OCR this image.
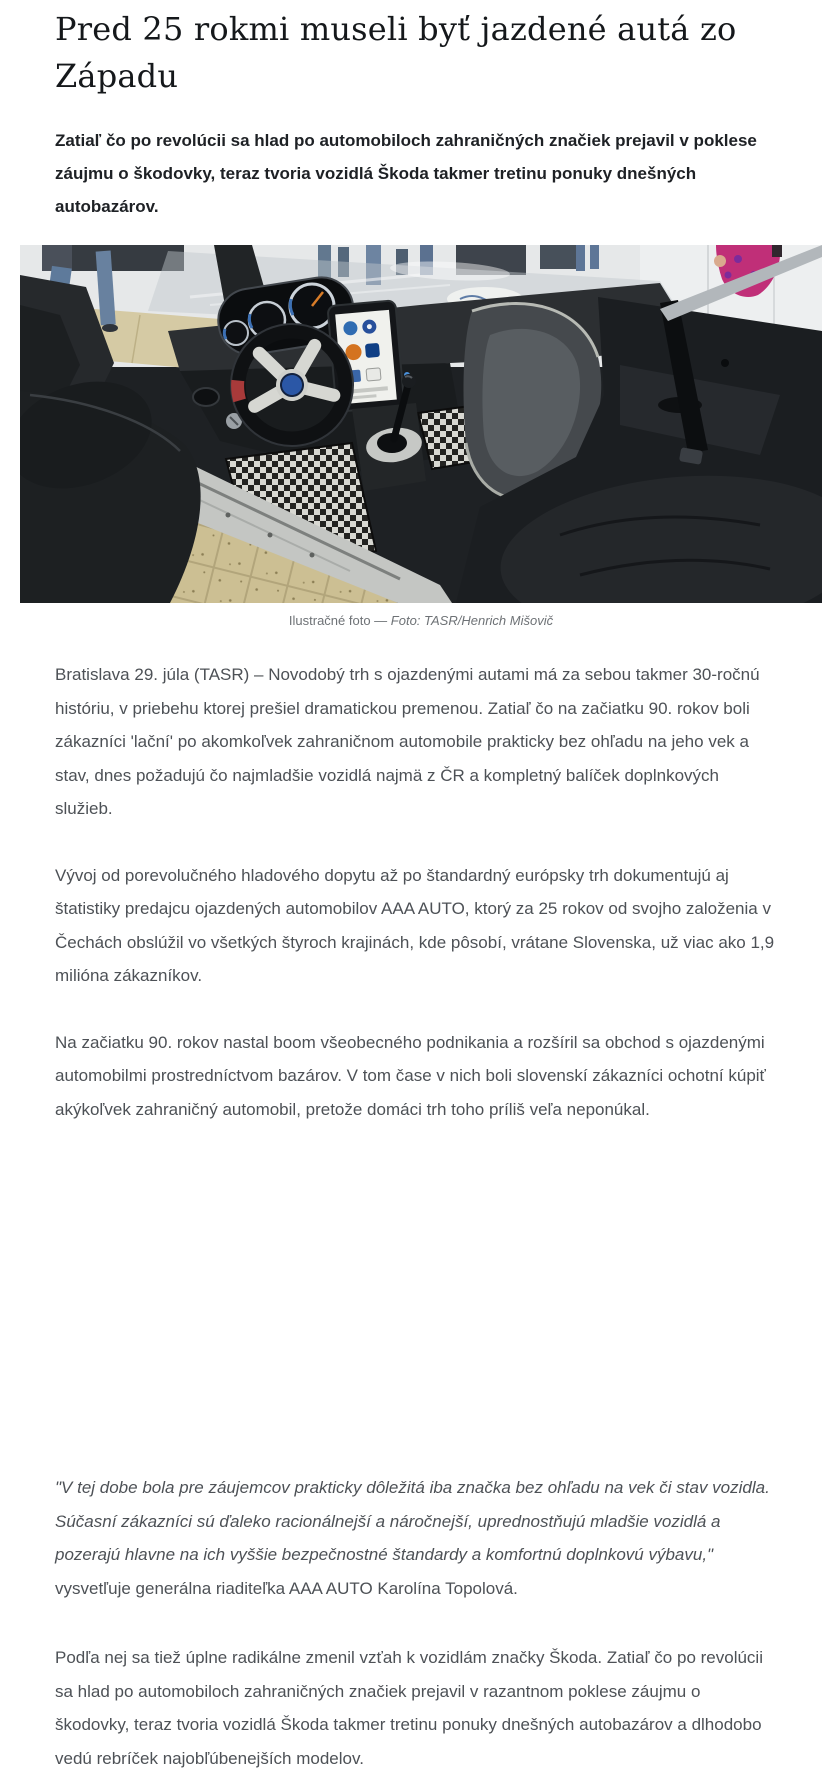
Pred 25 rokmi museli byť jazdené autá zo Západu

Zatiaľ čo po revolúcii sa hlad po automobiloch zahraničných značiek prejavil v poklese záujmu o škodovky, teraz tvoria vozidlá Škoda takmer tretinu ponuky dnešných autobazárov.

Ilustračné foto — Foto: TASR/Henrich Mišovič

Bratislava 29. júla (TASR) – Novodobý trh s ojazdenými autami má za sebou takmer 30-ročnú históriu, v priebehu ktorej prešiel dramatickou premenou. Zatiaľ čo na začiatku 90. rokov boli zákazníci 'lační' po akomkoľvek zahraničnom automobile prakticky bez ohľadu na jeho vek a stav, dnes požadujú čo najmladšie vozidlá najmä z ČR a kompletný balíček doplnkových služieb.

Vývoj od porevolučného hladového dopytu až po štandardný európsky trh dokumentujú aj štatistiky predajcu ojazdených automobilov AAA AUTO, ktorý za 25 rokov od svojho založenia v Čechách obslúžil vo všetkých štyroch krajinách, kde pôsobí, vrátane Slovenska, už viac ako 1,9 milióna zákazníkov.

Na začiatku 90. rokov nastal boom všeobecného podnikania a rozšíril sa obchod s ojazdenými automobilmi prostredníctvom bazárov. V tom čase v nich boli slovenskí zákazníci ochotní kúpiť akýkoľvek zahraničný automobil, pretože domáci trh toho príliš veľa neponúkal.

"V tej dobe bola pre záujemcov prakticky dôležitá iba značka bez ohľadu na vek či stav vozidla. Súčasní zákazníci sú ďaleko racionálnejší a náročnejší, uprednostňujú mladšie vozidlá a pozerajú hlavne na ich vyššie bezpečnostné štandardy a komfortnú doplnkovú výbavu," vysvetľuje generálna riaditeľka AAA AUTO Karolína Topolová.

Podľa nej sa tiež úplne radikálne zmenil vzťah k vozidlám značky Škoda. Zatiaľ čo po revolúcii sa hlad po automobiloch zahraničných značiek prejavil v razantnom poklese záujmu o škodovky, teraz tvoria vozidlá Škoda takmer tretinu ponuky dnešných autobazárov a dlhodobo vedú rebríček najobľúbenejších modelov.
